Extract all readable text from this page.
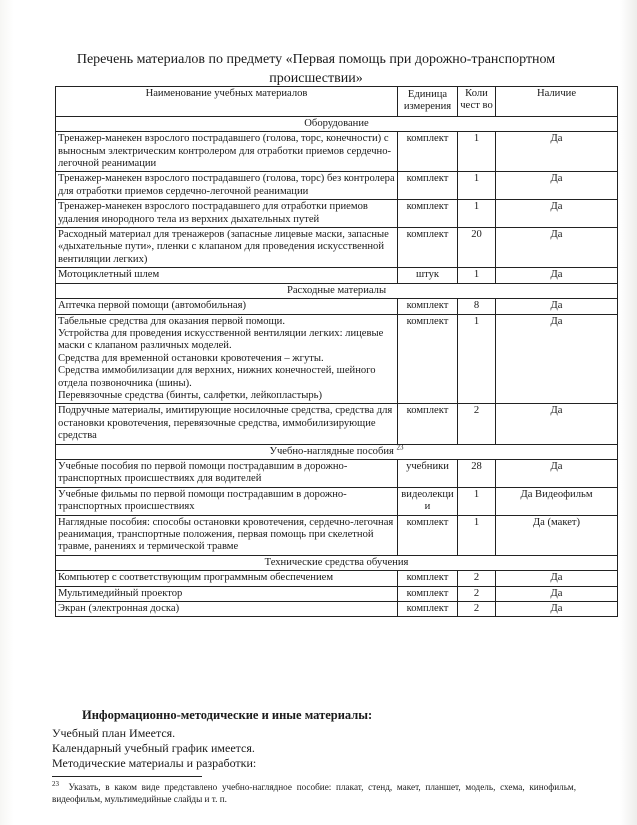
Перечень материалов по предмету «Первая помощь при дорожно-транспортном происшествии»
Наименование учебных материалов	Единица измерения	Коли чест во	Наличие
Оборудование			
Тренажер-манекен взрослого пострадавшего (голова, торс, конечности) с выносным электрическим контролером для отработки приемов сердечно-легочной реанимации	комплект	1	Да
Тренажер-манекен взрослого пострадавшего (голова, торс) без контролера для отработки приемов сердечно-легочной реанимации	комплект	1	Да
Тренажер-манекен взрослого пострадавшего для отработки приемов удаления инородного тела из верхних дыхательных путей	комплект	1	Да
Расходный материал для тренажеров (запасные лицевые маски, запасные «дыхательные пути», пленки с клапаном для проведения искусственной вентиляции легких)	комплект	20	Да
Мотоциклетный шлем	штук	1	Да
Расходные материалы			
Аптечка первой помощи (автомобильная)	комплект	8	Да

Табельные средства для оказания первой помощи.
Устройства для проведения искусственной вентиляции легких: лицевые маски с клапаном различных моделей.
Средства для временной остановки кровотечения – жгуты.
Средства иммобилизации для верхних, нижних конечностей, шейного отдела позвоночника (шины).
Перевязочные средства (бинты, салфетки, лейкопластырь)	комплект	1	Да
Подручные материалы, имитирующие носилочные средства, средства для остановки кровотечения, перевязочные средства, иммобилизирующие средства	комплект	2	Да
Учебно-наглядные пособия $^{23}$
Учебные пособия по первой помощи пострадавшим в дорожно-транспортных происшествиях для водителей	учебники	28	Да
Учебные фильмы по первой помощи пострадавшим в дорожно-транспортных происшествиях	видеолекции	1	Да Видеофильм
Наглядные пособия: способы остановки кровотечения, сердечно-легочная реанимация, транспортные положения, первая помощь при скелетной травме, ранениях и термической травме	комплект	1	Да (макет)
Технические средства обучения			
Компьютер с соответствующим программным обеспечением	комплект	2	Да
Мультимедийный проектор	комплект	2	Да
Экран (электронная доска)	комплект	2	Да
Информационно-методические и иные материалы:
Учебный план Имеется.
Календарный учебный график имеется.
Методические материалы и разработки:
$^{23}$ Указать, в каком виде представлено учебно-наглядное пособие: плакат, стенд, макет, планшет, модель, схема, кинофильм, видеофильм, мультимедийные слайды и т. п.
